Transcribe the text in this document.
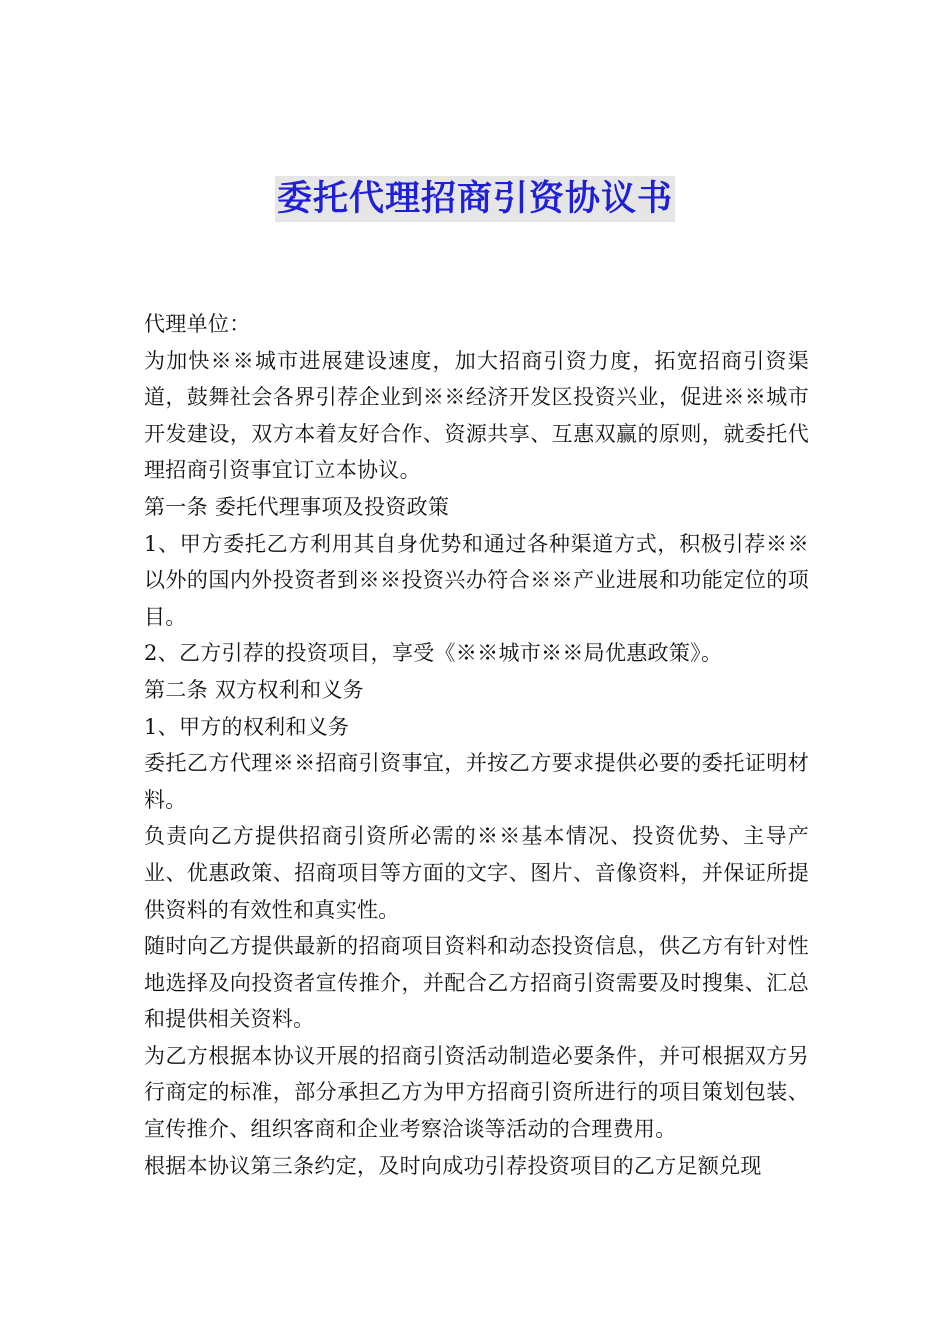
委托代理招商引资协议书

代理单位：

为加快※※城市进展建设速度，加大招商引资力度，拓宽招商引资渠道，鼓舞社会各界引荐企业到※※经济开发区投资兴业，促进※※城市开发建设，双方本着友好合作、资源共享、互惠双赢的原则，就委托代理招商引资事宜订立本协议。

第一条 委托代理事项及投资政策

1、甲方委托乙方利用其自身优势和通过各种渠道方式，积极引荐※※以外的国内外投资者到※※投资兴办符合※※产业进展和功能定位的项目。

2、乙方引荐的投资项目，享受《※※城市※※局优惠政策》。

第二条 双方权利和义务

1、甲方的权利和义务

委托乙方代理※※招商引资事宜，并按乙方要求提供必要的委托证明材料。

负责向乙方提供招商引资所必需的※※基本情况、投资优势、主导产业、优惠政策、招商项目等方面的文字、图片、音像资料，并保证所提供资料的有效性和真实性。

随时向乙方提供最新的招商项目资料和动态投资信息，供乙方有针对性地选择及向投资者宣传推介，并配合乙方招商引资需要及时搜集、汇总和提供相关资料。

为乙方根据本协议开展的招商引资活动制造必要条件，并可根据双方另行商定的标准，部分承担乙方为甲方招商引资所进行的项目策划包装、宣传推介、组织客商和企业考察洽谈等活动的合理费用。

根据本协议第三条约定，及时向成功引荐投资项目的乙方足额兑现
